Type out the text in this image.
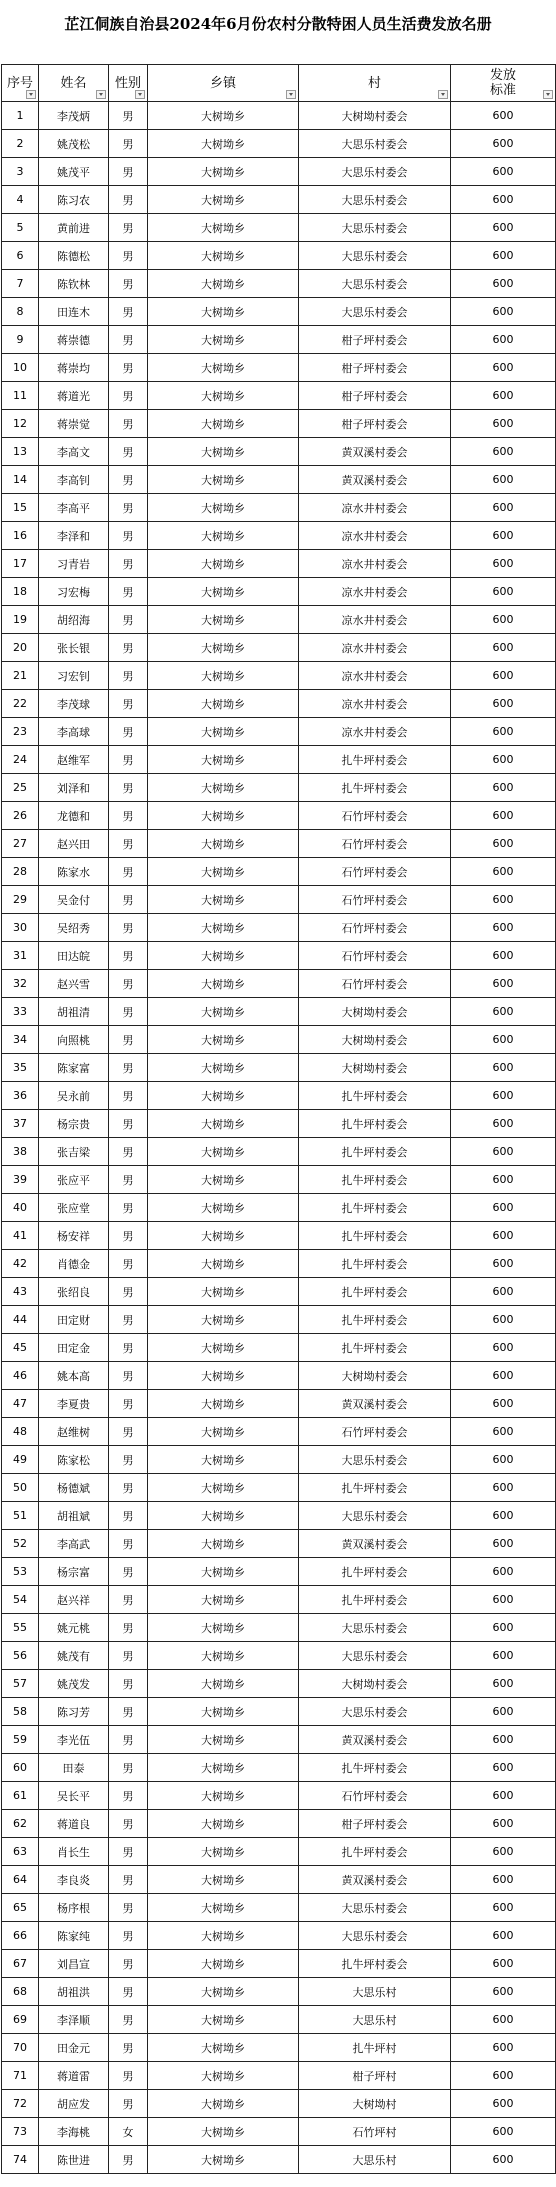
芷江侗族自治县2024年6月份农村分散特困人员生活费发放名册
序号	姓名	性别	乡镇	村	发放
标准

1	李茂炳	男	大树坳乡	大树坳村委会	600
2	姚茂松	男	大树坳乡	大思乐村委会	600
3	姚茂平	男	大树坳乡	大思乐村委会	600
4	陈习农	男	大树坳乡	大思乐村委会	600
5	黄前进	男	大树坳乡	大思乐村委会	600
6	陈德松	男	大树坳乡	大思乐村委会	600
7	陈钦林	男	大树坳乡	大思乐村委会	600
8	田连木	男	大树坳乡	大思乐村委会	600
9	蒋崇德	男	大树坳乡	柑子坪村委会	600
10	蒋崇均	男	大树坳乡	柑子坪村委会	600
11	蒋道光	男	大树坳乡	柑子坪村委会	600
12	蒋崇觉	男	大树坳乡	柑子坪村委会	600
13	李高文	男	大树坳乡	黄双溪村委会	600
14	李高钊	男	大树坳乡	黄双溪村委会	600
15	李高平	男	大树坳乡	凉水井村委会	600
16	李泽和	男	大树坳乡	凉水井村委会	600
17	习青岩	男	大树坳乡	凉水井村委会	600
18	习宏梅	男	大树坳乡	凉水井村委会	600
19	胡绍海	男	大树坳乡	凉水井村委会	600
20	张长银	男	大树坳乡	凉水井村委会	600
21	习宏钊	男	大树坳乡	凉水井村委会	600
22	李茂球	男	大树坳乡	凉水井村委会	600
23	李高球	男	大树坳乡	凉水井村委会	600
24	赵维军	男	大树坳乡	扎牛坪村委会	600
25	刘泽和	男	大树坳乡	扎牛坪村委会	600
26	龙德和	男	大树坳乡	石竹坪村委会	600
27	赵兴田	男	大树坳乡	石竹坪村委会	600
28	陈家水	男	大树坳乡	石竹坪村委会	600
29	吴金付	男	大树坳乡	石竹坪村委会	600
30	吴绍秀	男	大树坳乡	石竹坪村委会	600
31	田达皖	男	大树坳乡	石竹坪村委会	600
32	赵兴雪	男	大树坳乡	石竹坪村委会	600
33	胡祖清	男	大树坳乡	大树坳村委会	600
34	向照桃	男	大树坳乡	大树坳村委会	600
35	陈家富	男	大树坳乡	大树坳村委会	600
36	吴永前	男	大树坳乡	扎牛坪村委会	600
37	杨宗贵	男	大树坳乡	扎牛坪村委会	600
38	张吉梁	男	大树坳乡	扎牛坪村委会	600
39	张应平	男	大树坳乡	扎牛坪村委会	600
40	张应堂	男	大树坳乡	扎牛坪村委会	600
41	杨安祥	男	大树坳乡	扎牛坪村委会	600
42	肖德金	男	大树坳乡	扎牛坪村委会	600
43	张绍良	男	大树坳乡	扎牛坪村委会	600
44	田定财	男	大树坳乡	扎牛坪村委会	600
45	田定金	男	大树坳乡	扎牛坪村委会	600
46	姚本高	男	大树坳乡	大树坳村委会	600
47	李夏贵	男	大树坳乡	黄双溪村委会	600
48	赵维树	男	大树坳乡	石竹坪村委会	600
49	陈家松	男	大树坳乡	大思乐村委会	600
50	杨德斌	男	大树坳乡	扎牛坪村委会	600
51	胡祖斌	男	大树坳乡	大思乐村委会	600
52	李高武	男	大树坳乡	黄双溪村委会	600
53	杨宗富	男	大树坳乡	扎牛坪村委会	600
54	赵兴祥	男	大树坳乡	扎牛坪村委会	600
55	姚元桃	男	大树坳乡	大思乐村委会	600
56	姚茂有	男	大树坳乡	大思乐村委会	600
57	姚茂发	男	大树坳乡	大树坳村委会	600
58	陈习芳	男	大树坳乡	大思乐村委会	600
59	李光伍	男	大树坳乡	黄双溪村委会	600
60	田泰	男	大树坳乡	扎牛坪村委会	600
61	吴长平	男	大树坳乡	石竹坪村委会	600
62	蒋道良	男	大树坳乡	柑子坪村委会	600
63	肖长生	男	大树坳乡	扎牛坪村委会	600
64	李良炎	男	大树坳乡	黄双溪村委会	600
65	杨序根	男	大树坳乡	大思乐村委会	600
66	陈家纯	男	大树坳乡	大思乐村委会	600
67	刘昌宣	男	大树坳乡	扎牛坪村委会	600
68	胡祖洪	男	大树坳乡	大思乐村	600
69	李泽顺	男	大树坳乡	大思乐村	600
70	田金元	男	大树坳乡	扎牛坪村	600
71	蒋道雷	男	大树坳乡	柑子坪村	600
72	胡应发	男	大树坳乡	大树坳村	600
73	李海桃	女	大树坳乡	石竹坪村	600
74	陈世进	男	大树坳乡	大思乐村	600
